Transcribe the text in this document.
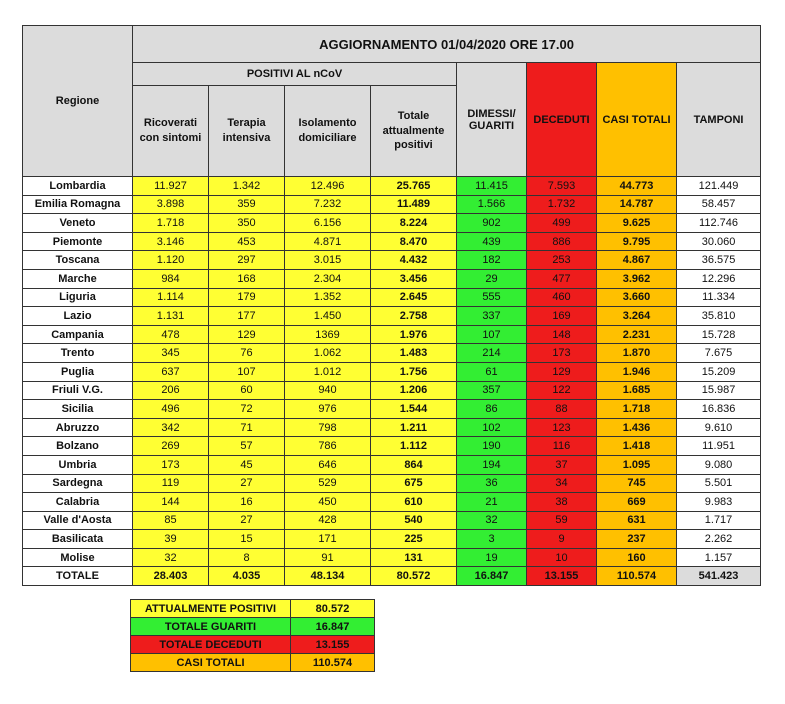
Regione	AGGIORNAMENTO 01/04/2020 ORE 17.00							
	POSITIVI AL nCoV				DIMESSI/ GUARITI	DECEDUTI	CASI TOTALI	TAMPONI
	Ricoverati con sintomi	Terapia intensiva	Isolamento domiciliare	Totale attualmente positivi				
Lombardia	11.927	1.342	12.496	25.765	11.415	7.593	44.773	121.449
Emilia Romagna	3.898	359	7.232	11.489	1.566	1.732	14.787	58.457
Veneto	1.718	350	6.156	8.224	902	499	9.625	112.746
Piemonte	3.146	453	4.871	8.470	439	886	9.795	30.060
Toscana	1.120	297	3.015	4.432	182	253	4.867	36.575
Marche	984	168	2.304	3.456	29	477	3.962	12.296
Liguria	1.114	179	1.352	2.645	555	460	3.660	11.334
Lazio	1.131	177	1.450	2.758	337	169	3.264	35.810
Campania	478	129	1369	1.976	107	148	2.231	15.728
Trento	345	76	1.062	1.483	214	173	1.870	7.675
Puglia	637	107	1.012	1.756	61	129	1.946	15.209
Friuli V.G.	206	60	940	1.206	357	122	1.685	15.987
Sicilia	496	72	976	1.544	86	88	1.718	16.836
Abruzzo	342	71	798	1.211	102	123	1.436	9.610
Bolzano	269	57	786	1.112	190	116	1.418	11.951
Umbria	173	45	646	864	194	37	1.095	9.080
Sardegna	119	27	529	675	36	34	745	5.501
Calabria	144	16	450	610	21	38	669	9.983
Valle d'Aosta	85	27	428	540	32	59	631	1.717
Basilicata	39	15	171	225	3	9	237	2.262
Molise	32	8	91	131	19	10	160	1.157
TOTALE	28.403	4.035	48.134	80.572	16.847	13.155	110.574	541.423
ATTUALMENTE POSITIVI	80.572
TOTALE GUARITI	16.847
TOTALE DECEDUTI	13.155
CASI TOTALI	110.574
